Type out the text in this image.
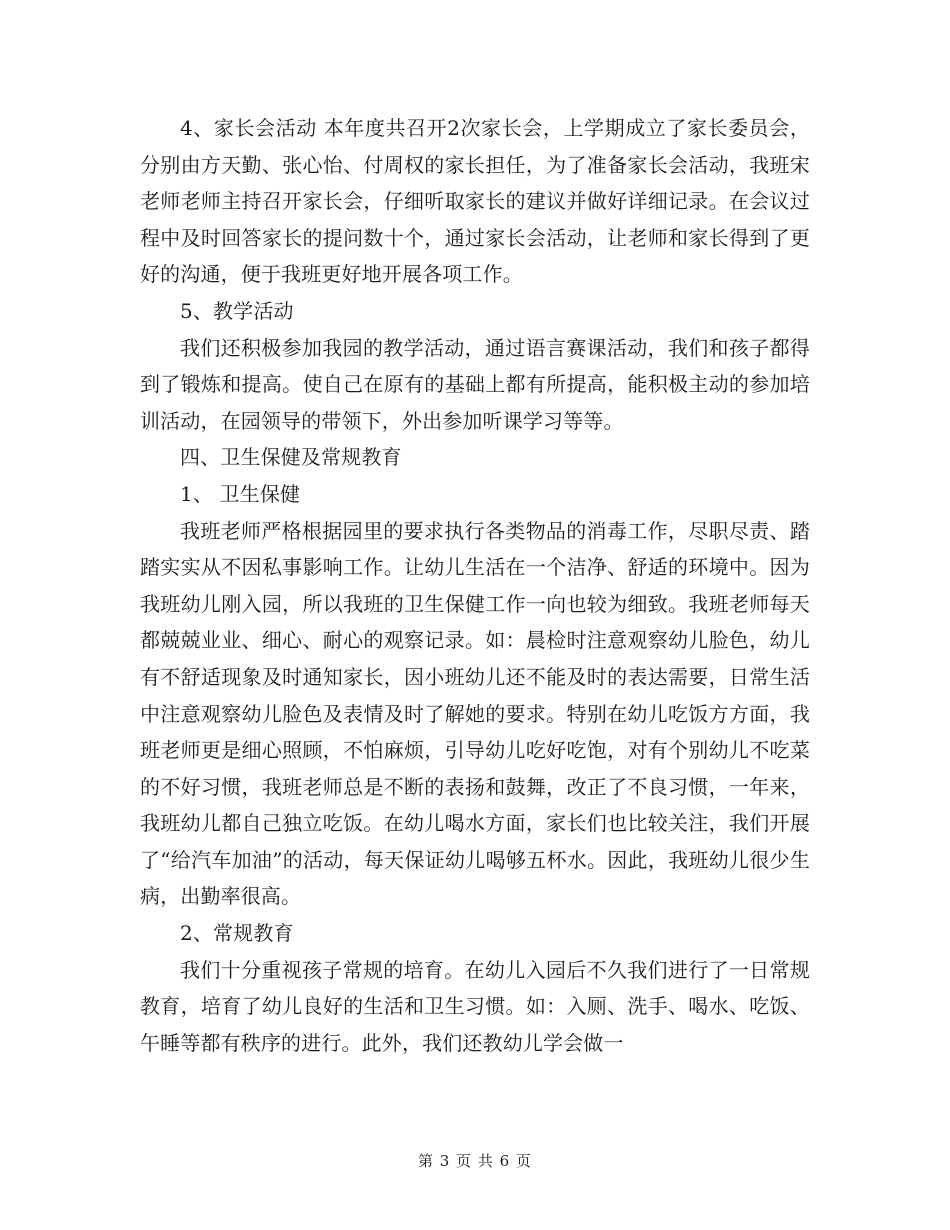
4、家长会活动 本年度共召开2次家长会，上学期成立了家长委员会，分别由方天勤、张心怡、付周权的家长担任，为了准备家长会活动，我班宋老师老师主持召开家长会，仔细听取家长的建议并做好详细记录。在会议过程中及时回答家长的提问数十个，通过家长会活动，让老师和家长得到了更好的沟通，便于我班更好地开展各项工作。

5、教学活动

我们还积极参加我园的教学活动，通过语言赛课活动，我们和孩子都得到了锻炼和提高。使自己在原有的基础上都有所提高，能积极主动的参加培训活动，在园领导的带领下，外出参加听课学习等等。

四、卫生保健及常规教育

1、 卫生保健

我班老师严格根据园里的要求执行各类物品的消毒工作，尽职尽责、踏踏实实从不因私事影响工作。让幼儿生活在一个洁净、舒适的环境中。因为我班幼儿刚入园，所以我班的卫生保健工作一向也较为细致。我班老师每天都兢兢业业、细心、耐心的观察记录。如：晨检时注意观察幼儿脸色，幼儿有不舒适现象及时通知家长，因小班幼儿还不能及时的表达需要，日常生活中注意观察幼儿脸色及表情及时了解她的要求。特别在幼儿吃饭方方面，我班老师更是细心照顾，不怕麻烦，引导幼儿吃好吃饱，对有个别幼儿不吃菜的不好习惯，我班老师总是不断的表扬和鼓舞，改正了不良习惯，一年来，我班幼儿都自己独立吃饭。在幼儿喝水方面，家长们也比较关注，我们开展了“给汽车加油”的活动，每天保证幼儿喝够五杯水。因此，我班幼儿很少生病，出勤率很高。

2、常规教育

我们十分重视孩子常规的培育。在幼儿入园后不久我们进行了一日常规教育，培育了幼儿良好的生活和卫生习惯。如：入厕、洗手、喝水、吃饭、午睡等都有秩序的进行。此外，我们还教幼儿学会做一

第 3 页 共 6 页
